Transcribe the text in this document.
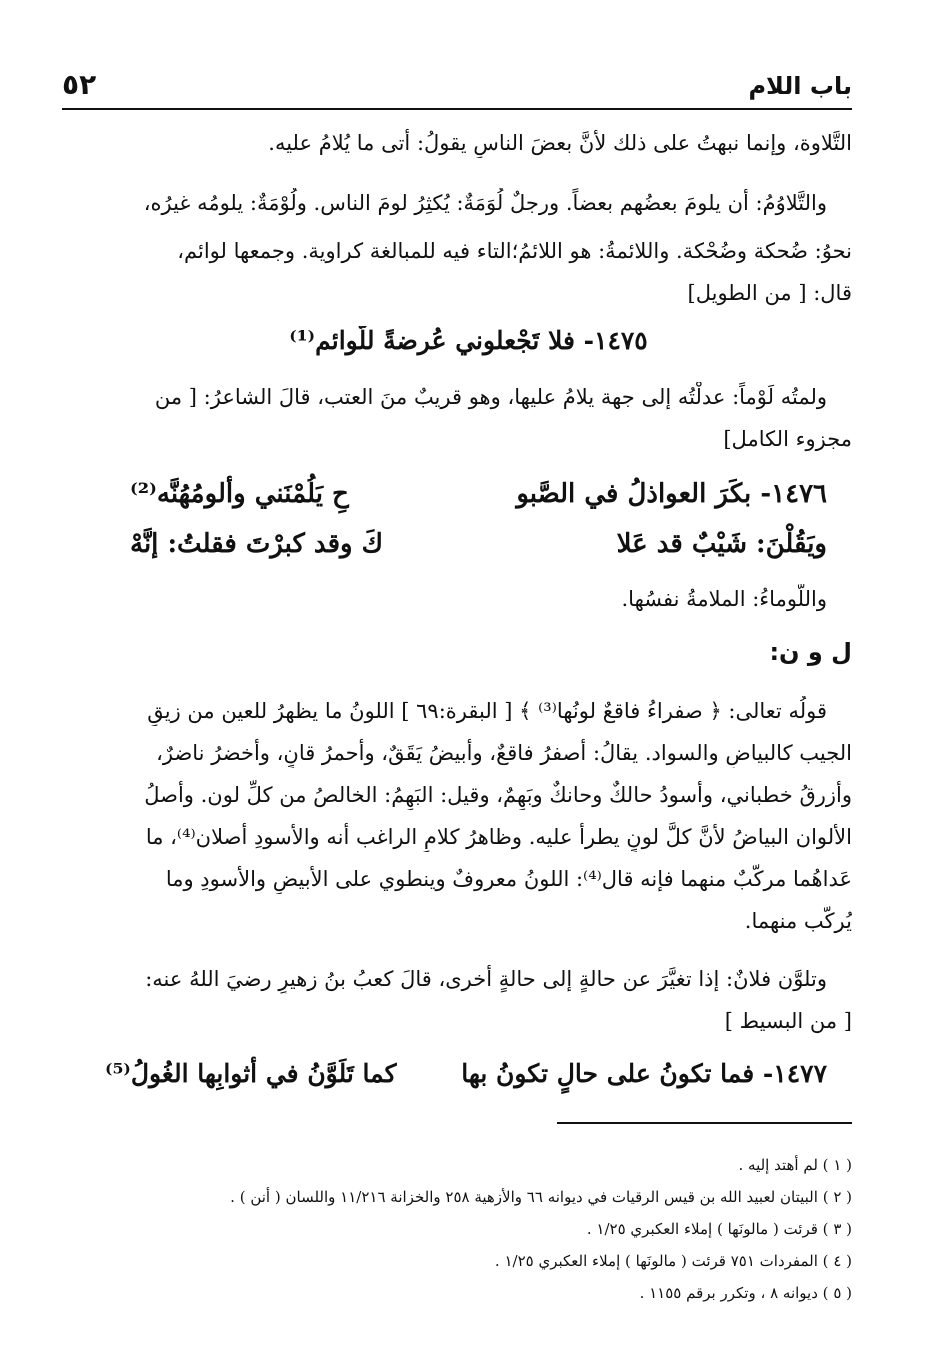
باب اللام
٥٢
التَّلاوة، وإنما نبهتُ على ذلك لأنَّ بعضَ الناسِ يقولُ: أتى ما يُلامُ عليه.
والتَّلاوُمُ: أن يلومَ بعضُهم بعضاً. ورجلٌ لُوَمَةٌ: يُكثِرُ لومَ الناس. ولُوْمَةٌ: يلومُه غيرُه،
نحوُ: ضُحكة وضُحْكة. واللائمةُ: هو اللائمُ؛التاء فيه للمبالغة كراوية. وجمعها لوائم،
قال: [ من الطويل]
١٤٧٥- فلا تَجْعلوني عُرضةً للّوائمِ⁽¹⁾
ولمتُه لَوْماً: عدلْتُه إلى جهة يلامُ عليها، وهو قريبٌ منَ العتب، قالَ الشاعرُ: [ من
مجزوء الكامل]
١٤٧٦- بكَرَ العواذلُ في الصَّبو
حِ يَلُمْنَني وألومُهُنَّه⁽²⁾
ويَقُلْنَ: شَيْبٌ قد عَلا
كَ وقد كبرْتَ فقلتُ: إنَّهْ
واللَّوماءُ: الملامةُ نفسُها.
ل و ن:
قولُه تعالى: ﴿ صفراءُ فاقعٌ لونُها⁽³⁾ ﴾ [ البقرة:٦٩ ] اللونُ ما يظهرُ للعين من زيقِ
الجيب كالبياضِ والسواد. يقالُ: أصفرُ فاقعٌ، وأبيضُ يَقَقٌ، وأحمرُ قانٍ، وأخضرُ ناضرٌ،
وأزرقُ خطباني، وأسودُ حالكٌ وحانكٌ وبَهِمٌ، وقيل: البَهِمُ: الخالصُ من كلِّ لون. وأصلُ
الألوان البياضُ لأنَّ كلَّ لونٍ يطرأ عليه. وظاهرُ كلامِ الراغب أنه والأسودِ أصلان⁽⁴⁾، ما
عَداهُما مركَّبٌ منهما فإنه قال⁽⁴⁾: اللونُ معروفٌ وينطوي على الأبيضِ والأسودِ وما
يُركَّب منهما.
وتلوَّن فلانٌ: إذا تغيَّرَ عن حالةٍ إلى حالةٍ أخرى، قالَ كعبُ بنُ زهيرٍ رضيَ اللهُ عنه:
[ من البسيط ]
١٤٧٧- فما تكونُ على حالٍ تكونُ بها
كما تَلَوَّنُ في أثوابِها الغُولُ⁽⁵⁾
( ١ ) لم أهتد إليه .
( ٢ ) البيتان لعبيد الله بن قيس الرقيات في ديوانه ٦٦ والأزهية ٢٥٨ والخزانة ١١/٢١٦ واللسان ( أنن ) .
( ٣ ) قرئت ( مالونَها ) إملاء العكبري ١/٢٥ .
( ٤ ) المفردات ٧٥١ قرئت ( مالونَها ) إملاء العكبري ١/٢٥ .
( ٥ ) ديوانه ٨ ، وتكرر برقم ١١٥٥ .
